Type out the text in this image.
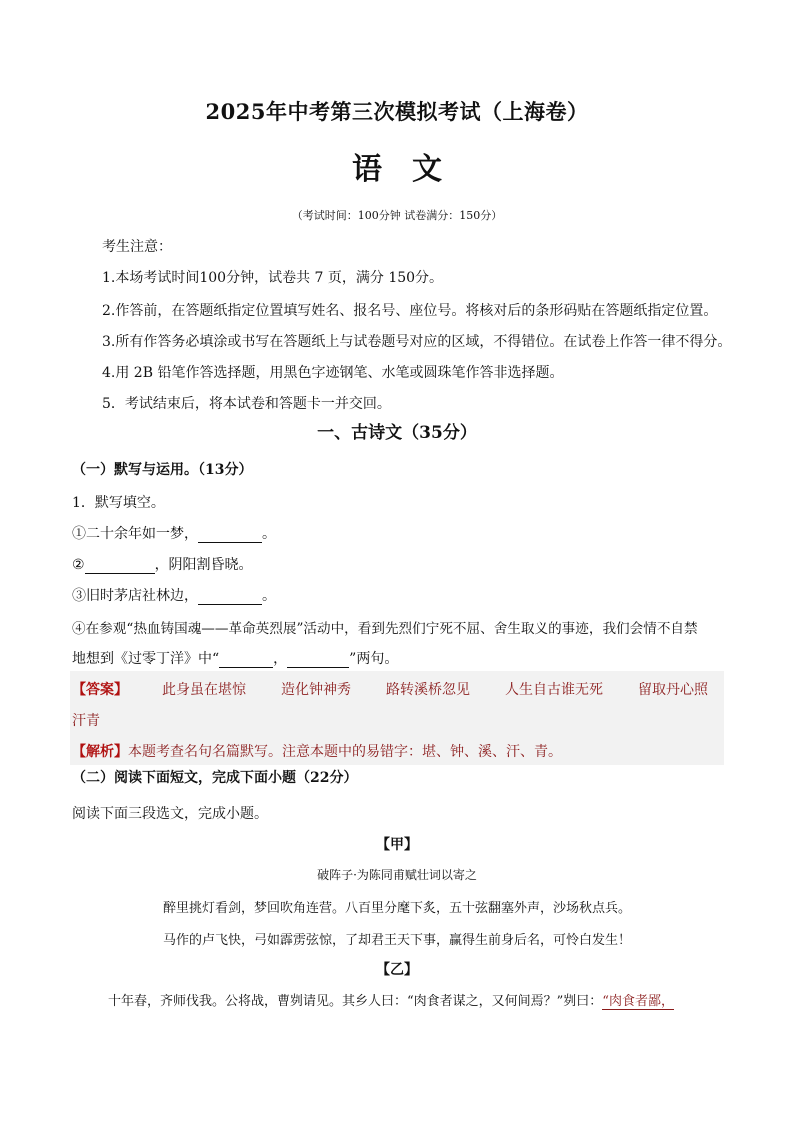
2025年中考第三次模拟考试（上海卷）
语文
（考试时间：100分钟 试卷满分：150分）
考生注意：
1.本场考试时间100分钟，试卷共 7 页，满分 150分。
2.作答前，在答题纸指定位置填写姓名、报名号、座位号。将核对后的条形码贴在答题纸指定位置。
3.所有作答务必填涂或书写在答题纸上与试卷题号对应的区域，不得错位。在试卷上作答一律不得分。
4.用 2B 铅笔作答选择题，用黑色字迹钢笔、水笔或圆珠笔作答非选择题。
5．考试结束后，将本试卷和答题卡一并交回。
一、古诗文（35分）
（一）默写与运用。（13分）
1．默写填空。
①二十余年如一梦，	。
②	，阴阳割昏晓。
③旧时茅店社林边，	。
④在参观“热血铸国魂——革命英烈展”活动中，看到先烈们宁死不屈、舍生取义的事迹，我们会情不自禁
地想到《过零丁洋》中“	，	”两句。
【答案】 此身虽在堪惊	造化钟神秀	路转溪桥忽见	人生自古谁无死	留取丹心照
汗青
【解析】本题考查名句名篇默写。注意本题中的易错字：堪、钟、溪、汗、青。
（二）阅读下面短文，完成下面小题（22分）
阅读下面三段选文，完成小题。
【甲】
破阵子·为陈同甫赋壮词以寄之
醉里挑灯看剑，梦回吹角连营。八百里分麾下炙，五十弦翻塞外声，沙场秋点兵。
马作的卢飞快，弓如霹雳弦惊，了却君王天下事，赢得生前身后名，可怜白发生！
【乙】
十年春，齐师伐我。公将战，曹刿请见。其乡人曰：“肉食者谋之，又何间焉？”刿曰：“肉食者鄙，
